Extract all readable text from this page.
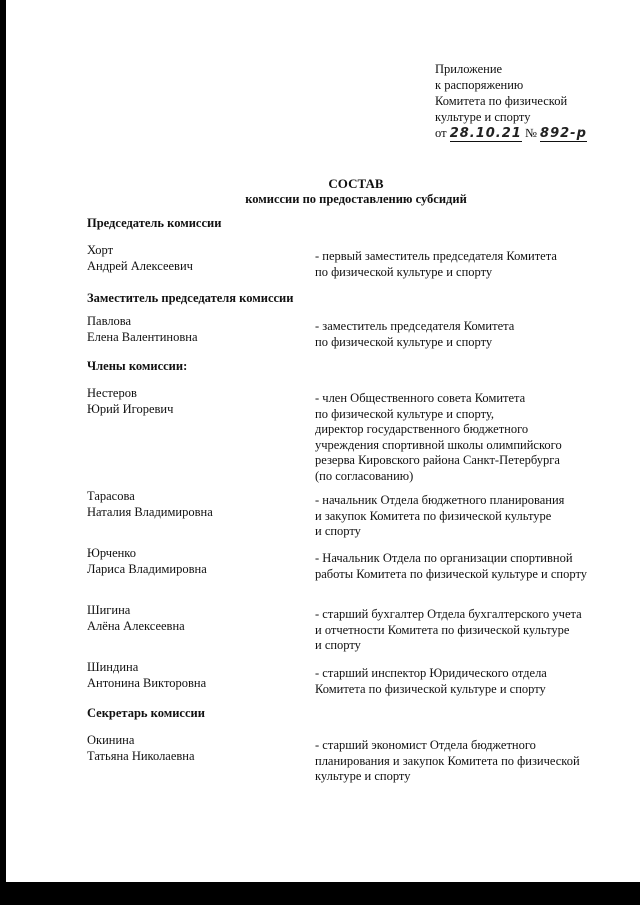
Приложение
к распоряжению
Комитета по физической
культуре и спорту
от 28.10.21 № 892-р
СОСТАВ
комиссии по предоставлению субсидий
Председатель комиссии
Хорт
Андрей Алексеевич
- первый заместитель председателя Комитета
по физической культуре и спорту
Заместитель председателя комиссии
Павлова
Елена Валентиновна
- заместитель председателя Комитета
по физической культуре и спорту
Члены комиссии:
Нестеров
Юрий Игоревич
- член Общественного совета Комитета
по физической культуре и спорту,
директор государственного бюджетного
учреждения спортивной школы олимпийского
резерва Кировского района Санкт-Петербурга
(по согласованию)
Тарасова
Наталия Владимировна
- начальник Отдела бюджетного планирования
и закупок Комитета по физической культуре
и спорту
Юрченко
Лариса Владимировна
- Начальник Отдела по организации спортивной
работы Комитета по физической культуре и спорту
Шигина
Алёна Алексеевна
- старший бухгалтер Отдела бухгалтерского учета
и отчетности Комитета по физической культуре
и спорту
Шиндина
Антонина Викторовна
- старший инспектор Юридического отдела
Комитета по физической культуре и спорту
Секретарь комиссии
Окинина
Татьяна Николаевна
- старший экономист Отдела бюджетного
планирования и закупок Комитета по физической
культуре и спорту
